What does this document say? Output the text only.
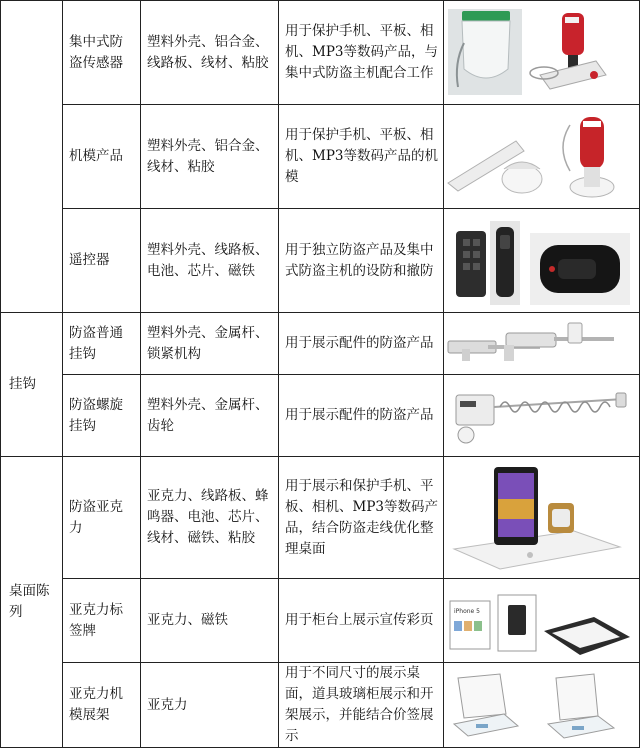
	集中式防盗传感器	塑料外壳、铝合金、线路板、线材、粘胶	用于保护手机、平板、相机、MP3等数码产品，与集中式防盗主机配合工作	

	机模产品	塑料外壳、铝合金、线材、粘胶	用于保护手机、平板、相机、MP3等数码产品的机模	

	遥控器	塑料外壳、线路板、电池、芯片、磁铁	用于独立防盗产品及集中式防盗主机的设防和撤防	

挂钩	防盗普通挂钩	塑料外壳、金属杆、锁紧机构	用于展示配件的防盗产品	

	防盗螺旋挂钩	塑料外壳、金属杆、齿轮	用于展示配件的防盗产品	

桌面陈列	防盗亚克力	亚克力、线路板、蜂鸣器、电池、芯片、线材、磁铁、粘胶	用于展示和保护手机、平板、相机、MP3等数码产品，结合防盗走线优化整理桌面	

	亚克力标签牌	亚克力、磁铁	用于柜台上展示宣传彩页	iPhone 5

	亚克力机模展架	亚克力	用于不同尺寸的展示桌面，道具玻璃柜展示和开架展示，并能结合价签展示	
